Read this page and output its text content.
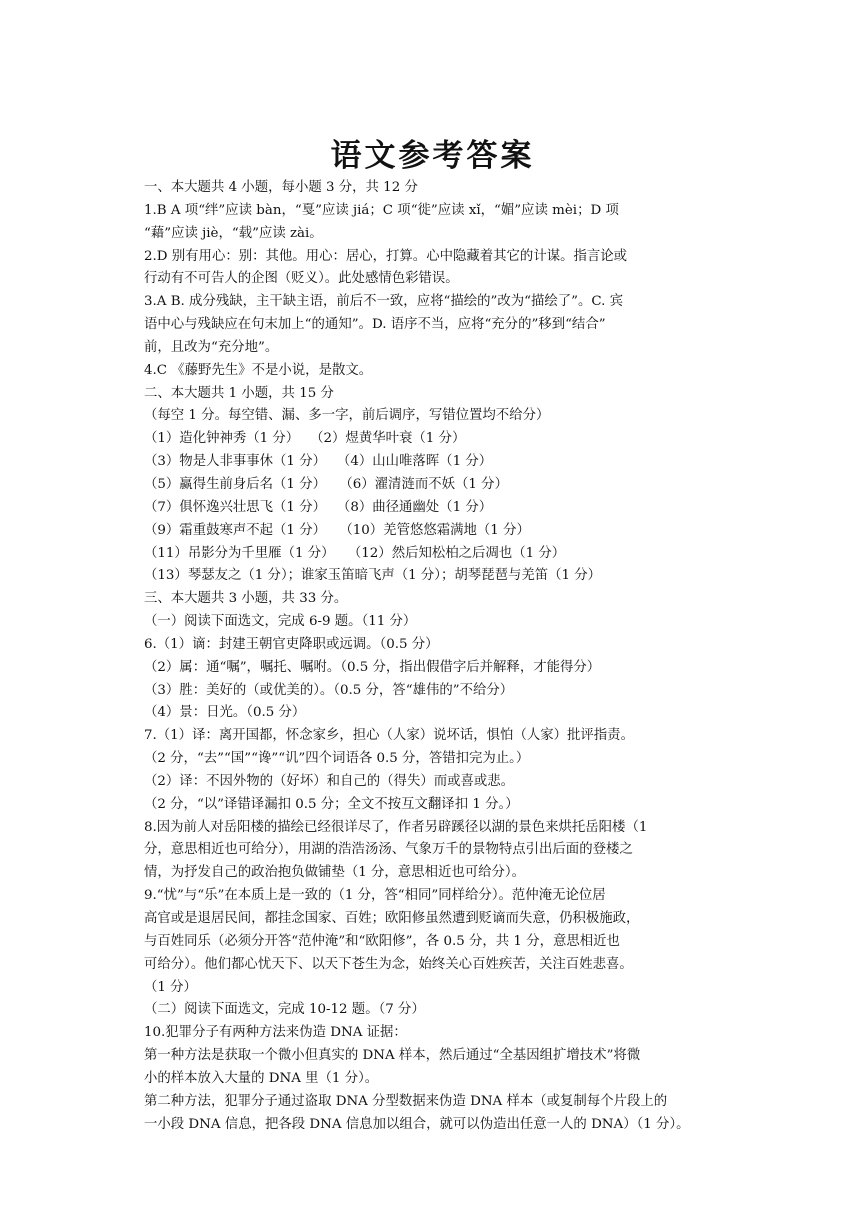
语文参考答案
一、本大题共 4 小题，每小题 3 分，共 12 分
1.B A 项“绊”应读 bàn，“戛”应读 jiá；C 项“徙”应读 xǐ，“媚”应读 mèi；D 项
“藉”应读 jiè，“载”应读 zài。
2.D 别有用心：别：其他。用心：居心，打算。心中隐藏着其它的计谋。指言论或
行动有不可告人的企图（贬义）。此处感情色彩错误。
3.A B. 成分残缺，主干缺主语，前后不一致，应将“描绘的”改为“描绘了”。C. 宾
语中心与残缺应在句末加上“的通知”。D. 语序不当，应将“充分的”移到“结合”
前，且改为“充分地”。
4.C 《藤野先生》不是小说，是散文。
二、本大题共 1 小题，共 15 分
（每空 1 分。每空错、漏、多一字，前后调序，写错位置均不给分）
（1）造化钟神秀（1 分）　 （2）煜黄华叶衰（1 分）
（3）物是人非事事休（1 分）　 （4）山山唯落晖（1 分）
（5）赢得生前身后名（1 分）　　（6）濯清涟而不妖（1 分）
（7）俱怀逸兴壮思飞（1 分）　 （8）曲径通幽处（1 分）
（9）霜重鼓寒声不起（1 分）　　（10）羌管悠悠霜满地（1 分）
（11）吊影分为千里雁（1 分）　　（12）然后知松柏之后凋也（1 分）
（13）琴瑟友之（1 分）；谁家玉笛暗飞声（1 分）；胡琴琵琶与羌笛（1 分）
三、本大题共 3 小题，共 33 分。
（一）阅读下面选文，完成 6-9 题。（11 分）
6.（1）谪：封建王朝官吏降职或远调。（0.5 分）
（2）属：通“嘱”，嘱托、嘱咐。（0.5 分，指出假借字后并解释，才能得分）
（3）胜：美好的（或优美的）。（0.5 分，答“雄伟的”不给分）
（4）景：日光。（0.5 分）
7.（1）译：离开国都，怀念家乡，担心（人家）说坏话，惧怕（人家）批评指责。
（2 分，“去”“国”“谗”“讥”四个词语各 0.5 分，答错扣完为止。）
（2）译：不因外物的（好坏）和自己的（得失）而或喜或悲。
（2 分，“以”译错译漏扣 0.5 分；全文不按互文翻译扣 1 分。）
8.因为前人对岳阳楼的描绘已经很详尽了，作者另辟蹊径以湖的景色来烘托岳阳楼（1
分，意思相近也可给分），用湖的浩浩汤汤、气象万千的景物特点引出后面的登楼之
情，为抒发自己的政治抱负做铺垫（1 分，意思相近也可给分）。
9.“忧”与“乐”在本质上是一致的（1 分，答“相同”同样给分）。范仲淹无论位居
高官或是退居民间，都挂念国家、百姓；欧阳修虽然遭到贬谪而失意，仍积极施政，
与百姓同乐（必须分开答“范仲淹”和“欧阳修”，各 0.5 分，共 1 分，意思相近也
可给分）。他们都心忧天下、以天下苍生为念，始终关心百姓疾苦，关注百姓悲喜。
（1 分）
（二）阅读下面选文，完成 10-12 题。（7 分）
10.犯罪分子有两种方法来伪造 DNA 证据：
第一种方法是获取一个微小但真实的 DNA 样本，然后通过“全基因组扩增技术”将微
小的样本放入大量的 DNA 里（1 分）。
第二种方法，犯罪分子通过盗取 DNA 分型数据来伪造 DNA 样本（或复制每个片段上的
一小段 DNA 信息，把各段 DNA 信息加以组合，就可以伪造出任意一人的 DNA）（1 分）。
